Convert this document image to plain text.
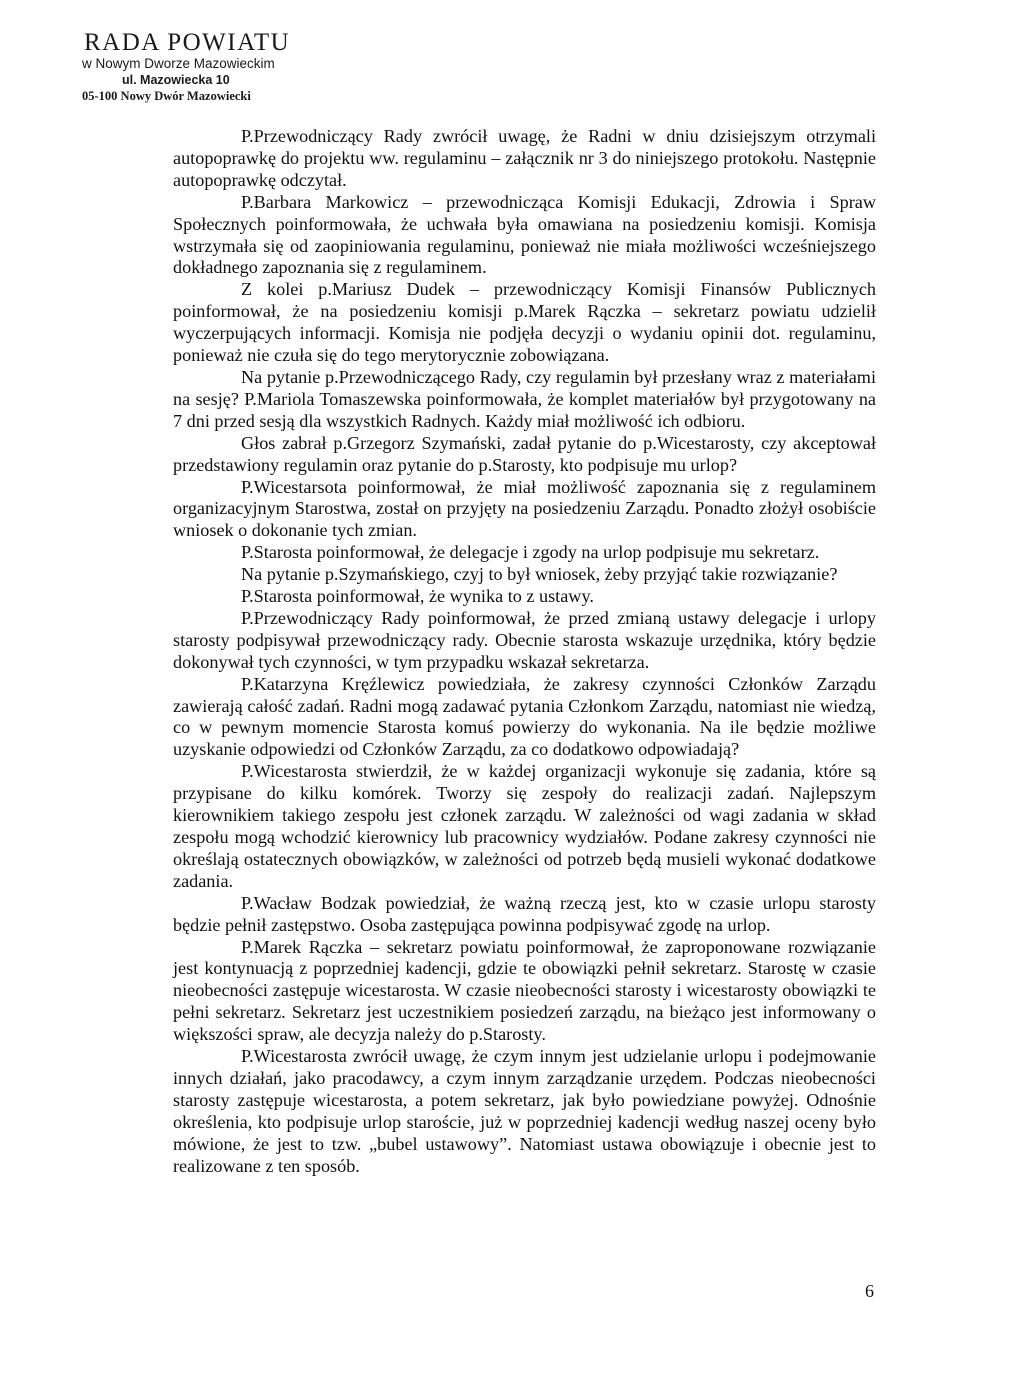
RADA POWIATU
w Nowym Dworze Mazowieckim
ul. Mazowiecka 10
05-100 Nowy Dwór Mazowiecki

P.Przewodniczący Rady zwrócił uwagę, że Radni w dniu dzisiejszym otrzymali autopoprawkę do projektu ww. regulaminu – załącznik nr 3 do niniejszego protokołu. Następnie autopoprawkę odczytał.

P.Barbara Markowicz – przewodnicząca Komisji Edukacji, Zdrowia i Spraw Społecznych poinformowała, że uchwała była omawiana na posiedzeniu komisji. Komisja wstrzymała się od zaopiniowania regulaminu, ponieważ nie miała możliwości wcześniejszego dokładnego zapoznania się z regulaminem.

Z kolei p.Mariusz Dudek – przewodniczący Komisji Finansów Publicznych poinformował, że na posiedzeniu komisji p.Marek Rączka – sekretarz powiatu udzielił wyczerpujących informacji. Komisja nie podjęła decyzji o wydaniu opinii dot. regulaminu, ponieważ nie czuła się do tego merytorycznie zobowiązana.

Na pytanie p.Przewodniczącego Rady, czy regulamin był przesłany wraz z materiałami na sesję? P.Mariola Tomaszewska poinformowała, że komplet materiałów był przygotowany na 7 dni przed sesją dla wszystkich Radnych. Każdy miał możliwość ich odbioru.

Głos zabrał p.Grzegorz Szymański, zadał pytanie do p.Wicestarosty, czy akceptował przedstawiony regulamin oraz pytanie do p.Starosty, kto podpisuje mu urlop?

P.Wicestarsota poinformował, że miał możliwość zapoznania się z regulaminem organizacyjnym Starostwa, został on przyjęty na posiedzeniu Zarządu. Ponadto złożył osobiście wniosek o dokonanie tych zmian.

P.Starosta poinformował, że delegacje i zgody na urlop podpisuje mu sekretarz.

Na pytanie p.Szymańskiego, czyj to był wniosek, żeby przyjąć takie rozwiązanie?

P.Starosta poinformował, że wynika to z ustawy.

P.Przewodniczący Rady poinformował, że przed zmianą ustawy delegacje i urlopy starosty podpisywał przewodniczący rady. Obecnie starosta wskazuje urzędnika, który będzie dokonywał tych czynności, w tym przypadku wskazał sekretarza.

P.Katarzyna Kręźlewicz powiedziała, że zakresy czynności Członków Zarządu zawierają całość zadań. Radni mogą zadawać pytania Członkom Zarządu, natomiast nie wiedzą, co w pewnym momencie Starosta komuś powierzy do wykonania. Na ile będzie możliwe uzyskanie odpowiedzi od Członków Zarządu, za co dodatkowo odpowiadają?

P.Wicestarosta stwierdził, że w każdej organizacji wykonuje się zadania, które są przypisane do kilku komórek. Tworzy się zespoły do realizacji zadań. Najlepszym kierownikiem takiego zespołu jest członek zarządu. W zależności od wagi zadania w skład zespołu mogą wchodzić kierownicy lub pracownicy wydziałów. Podane zakresy czynności nie określają ostatecznych obowiązków, w zależności od potrzeb będą musieli wykonać dodatkowe zadania.

P.Wacław Bodzak powiedział, że ważną rzeczą jest, kto w czasie urlopu starosty będzie pełnił zastępstwo. Osoba zastępująca powinna podpisywać zgodę na urlop.

P.Marek Rączka – sekretarz powiatu poinformował, że zaproponowane rozwiązanie jest kontynuacją z poprzedniej kadencji, gdzie te obowiązki pełnił sekretarz. Starostę w czasie nieobecności zastępuje wicestarosta. W czasie nieobecności starosty i wicestarosty obowiązki te pełni sekretarz. Sekretarz jest uczestnikiem posiedzeń zarządu, na bieżąco jest informowany o większości spraw, ale decyzja należy do p.Starosty.

P.Wicestarosta zwrócił uwagę, że czym innym jest udzielanie urlopu i podejmowanie innych działań, jako pracodawcy, a czym innym zarządzanie urzędem. Podczas nieobecności starosty zastępuje wicestarosta, a potem sekretarz, jak było powiedziane powyżej. Odnośnie określenia, kto podpisuje urlop staroście, już w poprzedniej kadencji według naszej oceny było mówione, że jest to tzw. „bubel ustawowy”. Natomiast ustawa obowiązuje i obecnie jest to realizowane z ten sposób.

6
